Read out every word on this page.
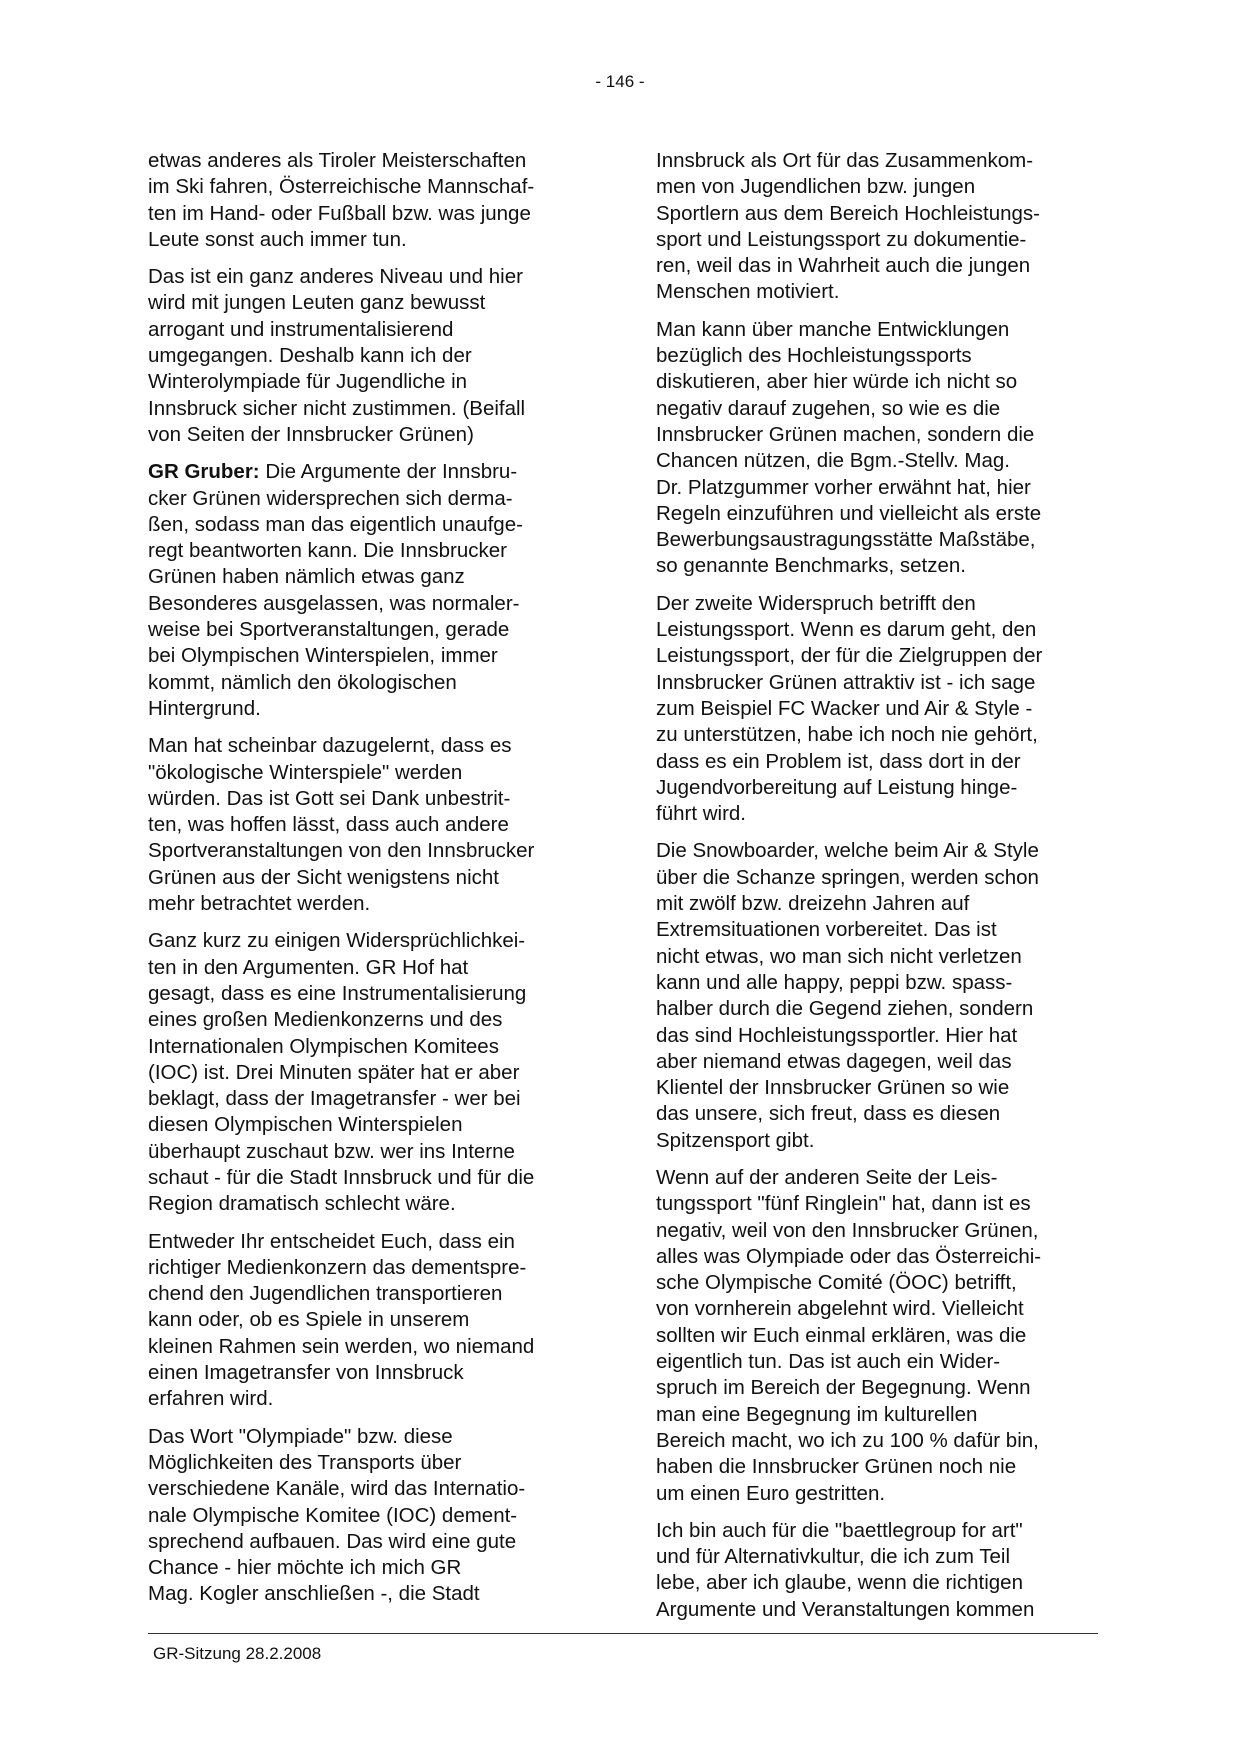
- 146 -

etwas anderes als Tiroler Meisterschaften
im Ski fahren, Österreichische Mannschaf-
ten im Hand- oder Fußball bzw. was junge
Leute sonst auch immer tun.

Das ist ein ganz anderes Niveau und hier
wird mit jungen Leuten ganz bewusst
arrogant und instrumentalisierend
umgegangen. Deshalb kann ich der
Winterolympiade für Jugendliche in
Innsbruck sicher nicht zustimmen. (Beifall
von Seiten der Innsbrucker Grünen)

GR Gruber: Die Argumente der Innsbru-
cker Grünen widersprechen sich derma-
ßen, sodass man das eigentlich unaufge-
regt beantworten kann. Die Innsbrucker
Grünen haben nämlich etwas ganz
Besonderes ausgelassen, was normaler-
weise bei Sportveranstaltungen, gerade
bei Olympischen Winterspielen, immer
kommt, nämlich den ökologischen
Hintergrund.

Man hat scheinbar dazugelernt, dass es
"ökologische Winterspiele" werden
würden. Das ist Gott sei Dank unbestrit-
ten, was hoffen lässt, dass auch andere
Sportveranstaltungen von den Innsbrucker
Grünen aus der Sicht wenigstens nicht
mehr betrachtet werden.

Ganz kurz zu einigen Widersprüchlichkei-
ten in den Argumenten. GR Hof hat
gesagt, dass es eine Instrumentalisierung
eines großen Medienkonzerns und des
Internationalen Olympischen Komitees
(IOC) ist. Drei Minuten später hat er aber
beklagt, dass der Imagetransfer - wer bei
diesen Olympischen Winterspielen
überhaupt zuschaut bzw. wer ins Interne
schaut - für die Stadt Innsbruck und für die
Region dramatisch schlecht wäre.

Entweder Ihr entscheidet Euch, dass ein
richtiger Medienkonzern das dementspre-
chend den Jugendlichen transportieren
kann oder, ob es Spiele in unserem
kleinen Rahmen sein werden, wo niemand
einen Imagetransfer von Innsbruck
erfahren wird.

Das Wort "Olympiade" bzw. diese
Möglichkeiten des Transports über
verschiedene Kanäle, wird das Internatio-
nale Olympische Komitee (IOC) dement-
sprechend aufbauen. Das wird eine gute
Chance - hier möchte ich mich GR
Mag. Kogler anschließen -, die Stadt

Innsbruck als Ort für das Zusammenkom-
men von Jugendlichen bzw. jungen
Sportlern aus dem Bereich Hochleistungs-
sport und Leistungssport zu dokumentie-
ren, weil das in Wahrheit auch die jungen
Menschen motiviert.

Man kann über manche Entwicklungen
bezüglich des Hochleistungssports
diskutieren, aber hier würde ich nicht so
negativ darauf zugehen, so wie es die
Innsbrucker Grünen machen, sondern die
Chancen nützen, die Bgm.-Stellv. Mag.
Dr. Platzgummer vorher erwähnt hat, hier
Regeln einzuführen und vielleicht als erste
Bewerbungsaustragungsstätte Maßstäbe,
so genannte Benchmarks, setzen.

Der zweite Widerspruch betrifft den
Leistungssport. Wenn es darum geht, den
Leistungssport, der für die Zielgruppen der
Innsbrucker Grünen attraktiv ist - ich sage
zum Beispiel FC Wacker und Air & Style -
zu unterstützen, habe ich noch nie gehört,
dass es ein Problem ist, dass dort in der
Jugendvorbereitung auf Leistung hinge-
führt wird.

Die Snowboarder, welche beim Air & Style
über die Schanze springen, werden schon
mit zwölf bzw. dreizehn Jahren auf
Extremsituationen vorbereitet. Das ist
nicht etwas, wo man sich nicht verletzen
kann und alle happy, peppi bzw. spass-
halber durch die Gegend ziehen, sondern
das sind Hochleistungssportler. Hier hat
aber niemand etwas dagegen, weil das
Klientel der Innsbrucker Grünen so wie
das unsere, sich freut, dass es diesen
Spitzensport gibt.

Wenn auf der anderen Seite der Leis-
tungssport "fünf Ringlein" hat, dann ist es
negativ, weil von den Innsbrucker Grünen,
alles was Olympiade oder das Österreichi-
sche Olympische Comité (ÖOC) betrifft,
von vornherein abgelehnt wird. Vielleicht
sollten wir Euch einmal erklären, was die
eigentlich tun. Das ist auch ein Wider-
spruch im Bereich der Begegnung. Wenn
man eine Begegnung im kulturellen
Bereich macht, wo ich zu 100 % dafür bin,
haben die Innsbrucker Grünen noch nie
um einen Euro gestritten.

Ich bin auch für die "baettlegroup for art"
und für Alternativkultur, die ich zum Teil
lebe, aber ich glaube, wenn die richtigen
Argumente und Veranstaltungen kommen

GR-Sitzung 28.2.2008
